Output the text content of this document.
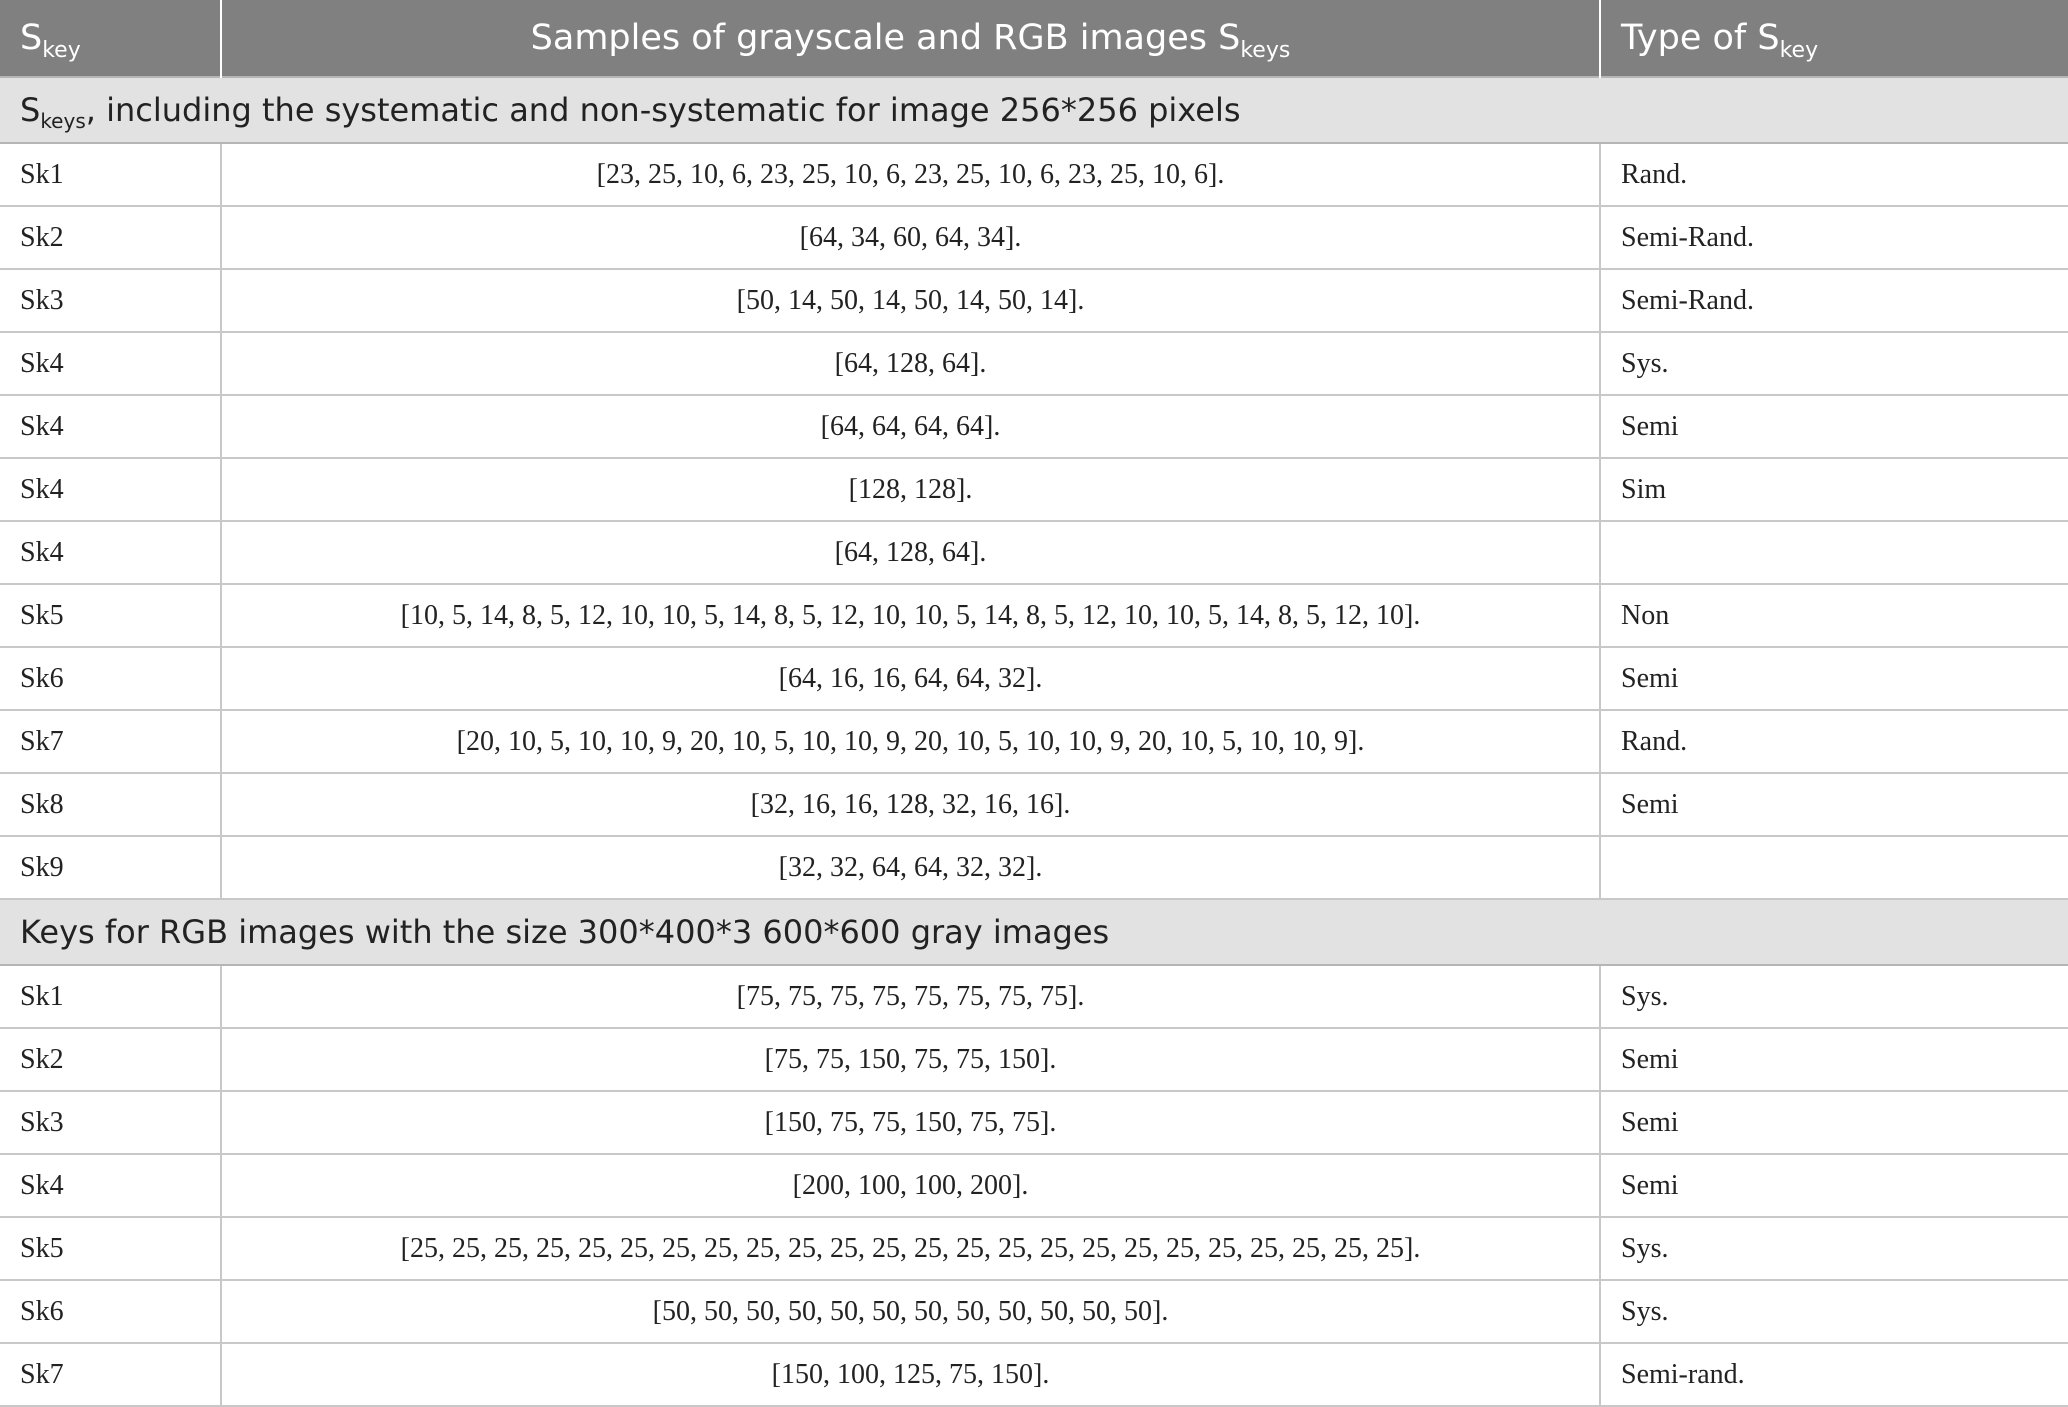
$S_{key}$	Samples of grayscale and RGB images $S_{keys}$	Type of $S_{key}$
$S_{keys}$, including the systematic and non-systematic for image 256*256 pixels		
Sk1	[23, 25, 10, 6, 23, 25, 10, 6, 23, 25, 10, 6, 23, 25, 10, 6].	Rand.
Sk2	[64, 34, 60, 64, 34].	Semi-Rand.
Sk3	[50, 14, 50, 14, 50, 14, 50, 14].	Semi-Rand.
Sk4	[64, 128, 64].	Sys.
Sk4	[64, 64, 64, 64].	Semi
Sk4	[128, 128].	Sim
Sk4	[64, 128, 64].	
Sk5	[10, 5, 14, 8, 5, 12, 10, 10, 5, 14, 8, 5, 12, 10, 10, 5, 14, 8, 5, 12, 10, 10, 5, 14, 8, 5, 12, 10].	Non
Sk6	[64, 16, 16, 64, 64, 32].	Semi
Sk7	[20, 10, 5, 10, 10, 9, 20, 10, 5, 10, 10, 9, 20, 10, 5, 10, 10, 9, 20, 10, 5, 10, 10, 9].	Rand.
Sk8	[32, 16, 16, 128, 32, 16, 16].	Semi
Sk9	[32, 32, 64, 64, 32, 32].	
Keys for RGB images with the size 300*400*3 600*600 gray images		
Sk1	[75, 75, 75, 75, 75, 75, 75, 75].	Sys.
Sk2	[75, 75, 150, 75, 75, 150].	Semi
Sk3	[150, 75, 75, 150, 75, 75].	Semi
Sk4	[200, 100, 100, 200].	Semi
Sk5	[25, 25, 25, 25, 25, 25, 25, 25, 25, 25, 25, 25, 25, 25, 25, 25, 25, 25, 25, 25, 25, 25, 25, 25].	Sys.
Sk6	[50, 50, 50, 50, 50, 50, 50, 50, 50, 50, 50, 50].	Sys.
Sk7	[150, 100, 125, 75, 150].	Semi-rand.
